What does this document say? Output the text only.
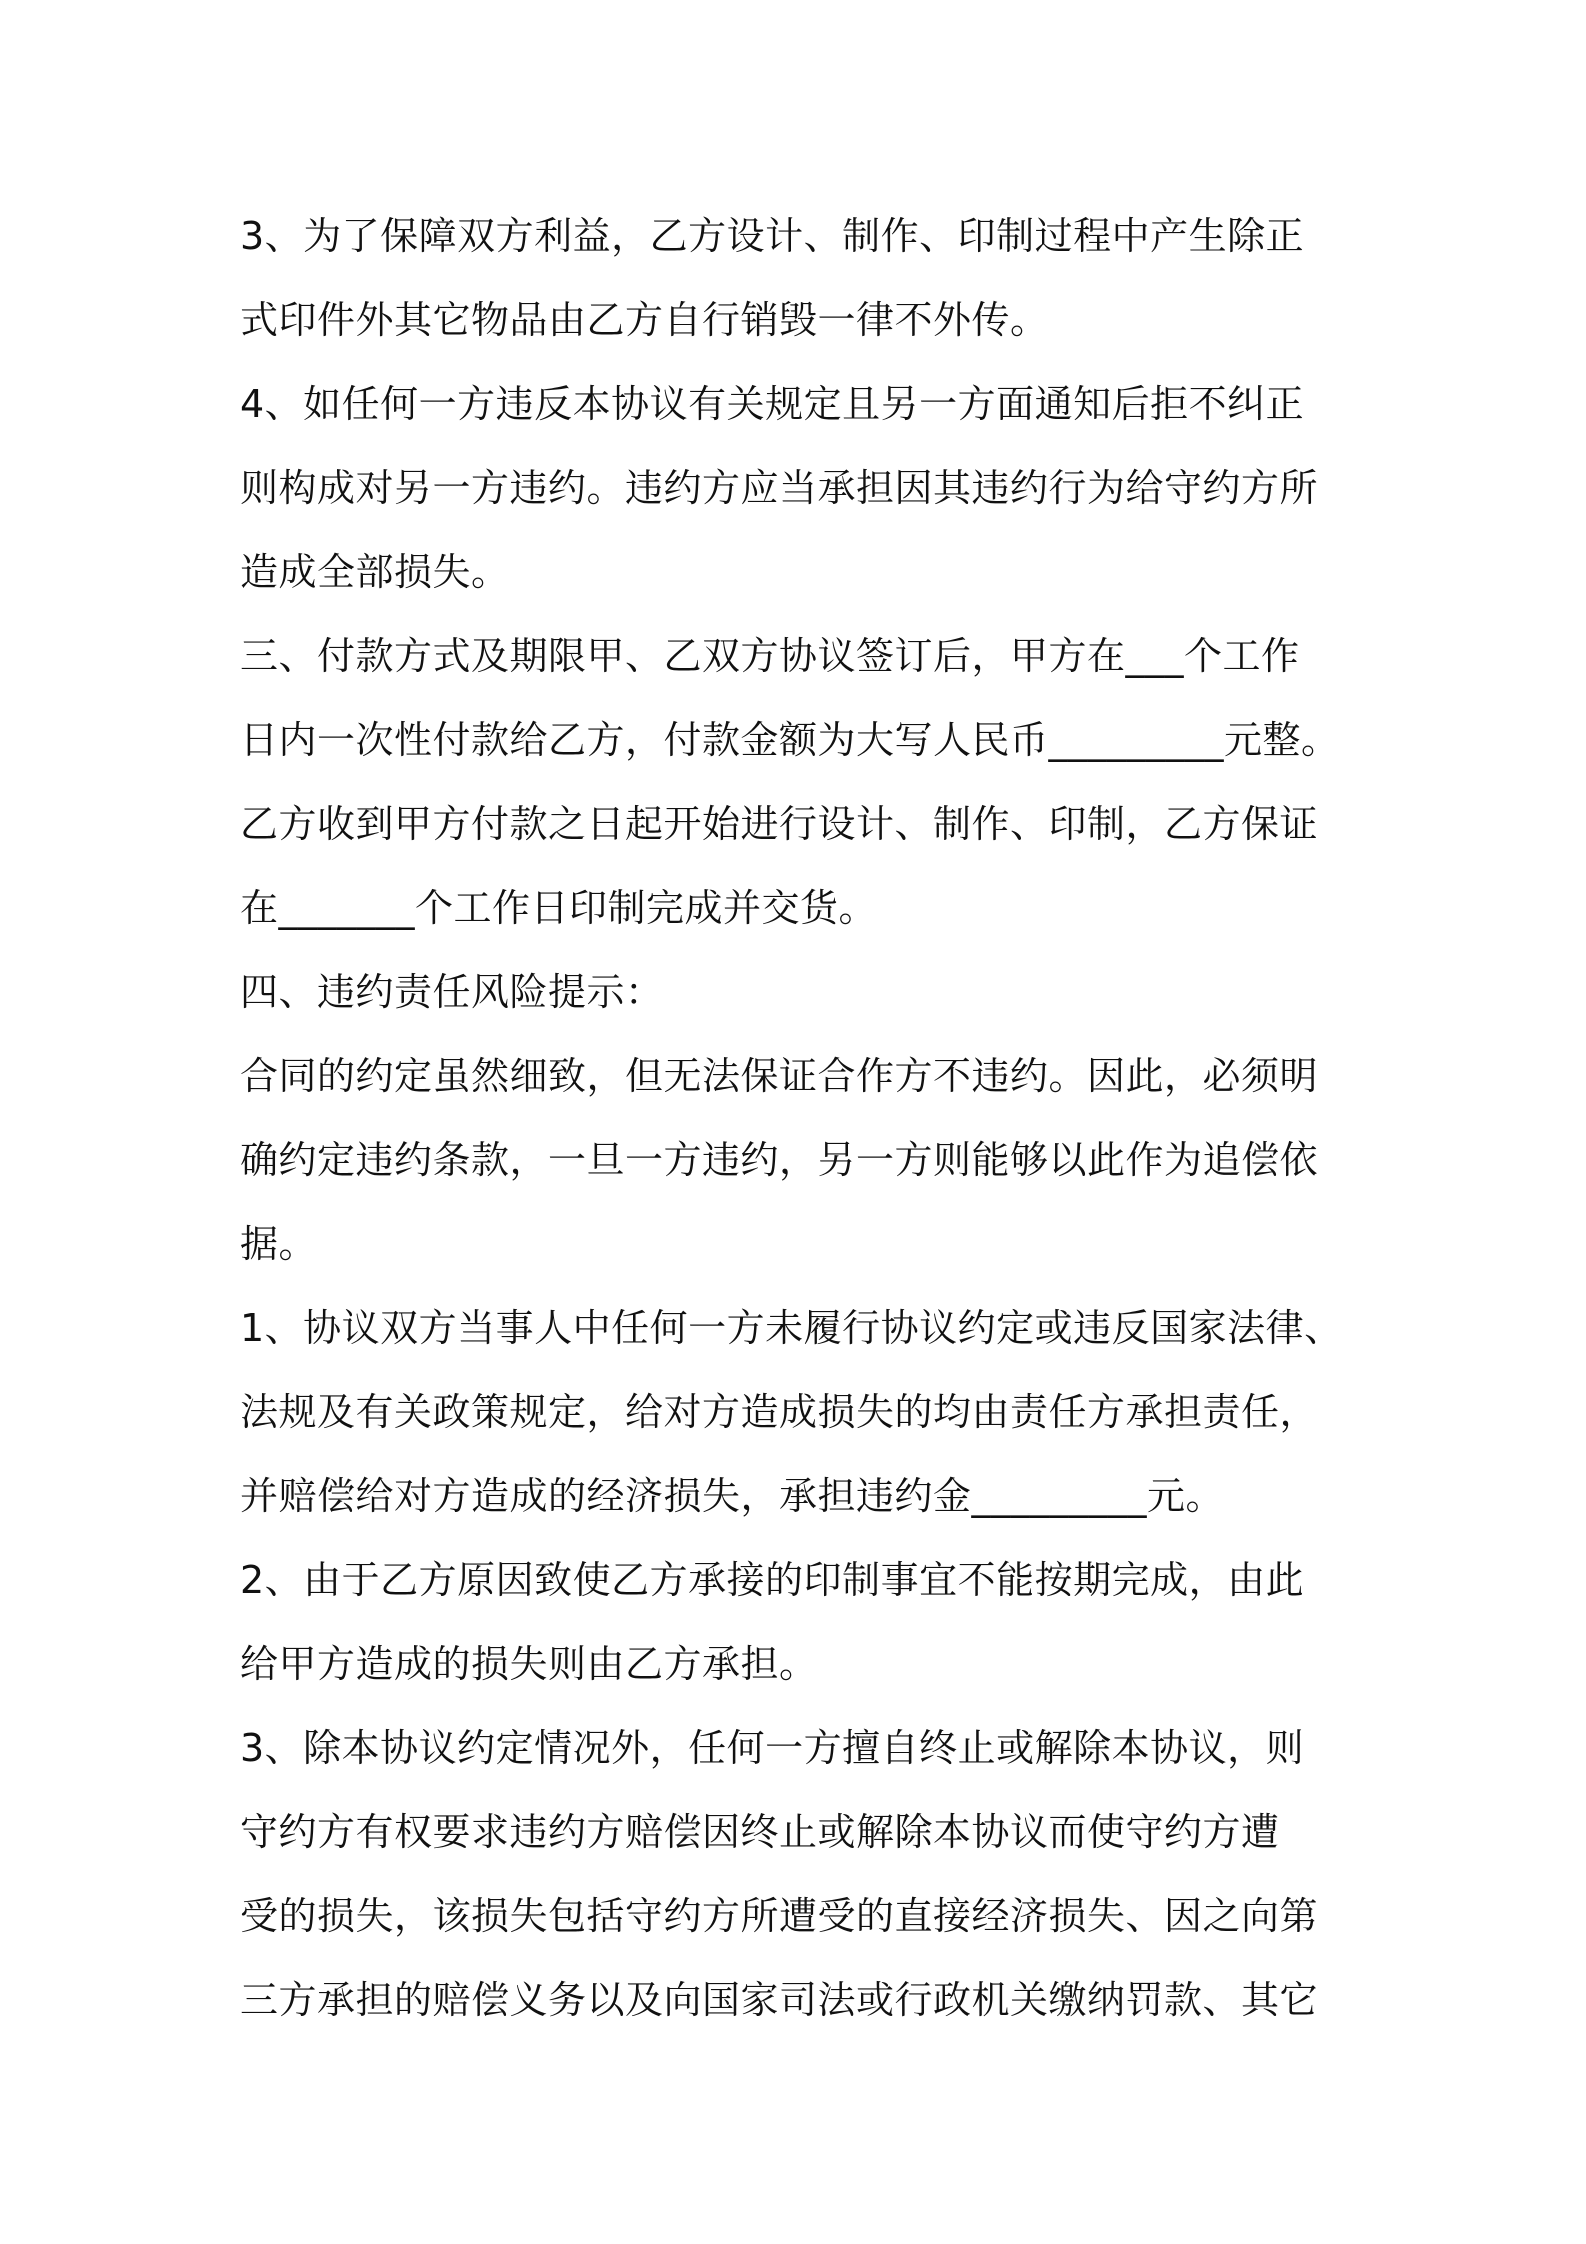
3、为了保障双方利益，乙方设计、制作、印制过程中产生除正
式印件外其它物品由乙方自行销毁一律不外传。
4、如任何一方违反本协议有关规定且另一方面通知后拒不纠正
则构成对另一方违约。违约方应当承担因其违约行为给守约方所
造成全部损失。
三、付款方式及期限甲、乙双方协议签订后，甲方在___个工作
日内一次性付款给乙方，付款金额为大写人民币_________元整。
乙方收到甲方付款之日起开始进行设计、制作、印制，乙方保证
在_______个工作日印制完成并交货。
四、违约责任风险提示：
合同的约定虽然细致，但无法保证合作方不违约。因此，必须明
确约定违约条款，一旦一方违约，另一方则能够以此作为追偿依
据。
1、协议双方当事人中任何一方未履行协议约定或违反国家法律、
法规及有关政策规定，给对方造成损失的均由责任方承担责任，
并赔偿给对方造成的经济损失，承担违约金_________元。
2、由于乙方原因致使乙方承接的印制事宜不能按期完成，由此
给甲方造成的损失则由乙方承担。
3、除本协议约定情况外，任何一方擅自终止或解除本协议，则
守约方有权要求违约方赔偿因终止或解除本协议而使守约方遭
受的损失，该损失包括守约方所遭受的直接经济损失、因之向第
三方承担的赔偿义务以及向国家司法或行政机关缴纳罚款、其它
